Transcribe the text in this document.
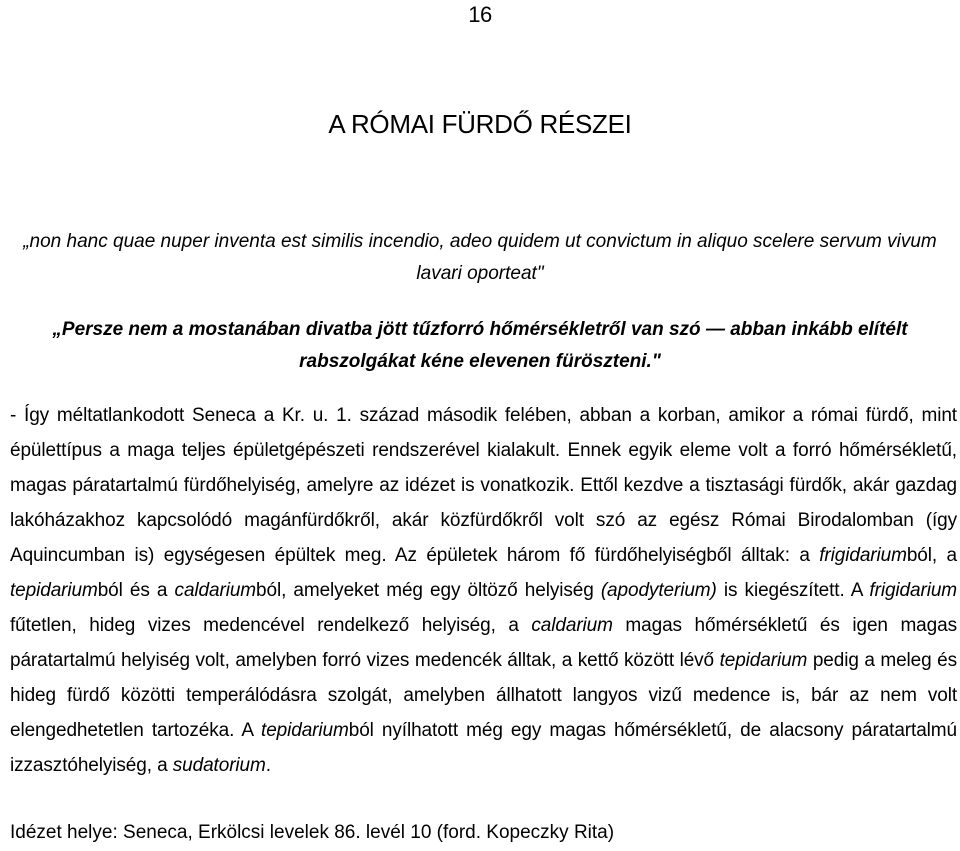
16
A RÓMAI FÜRDŐ RÉSZEI

„non hanc quae nuper inventa est similis incendio, adeo quidem ut convictum in aliquo scelere servum vivum lavari oporteat"

„Persze nem a mostanában divatba jött tűzforró hőmérsékletről van szó — abban inkább elítélt rabszolgákat kéne elevenen füröszteni."

- Így méltatlankodott Seneca a Kr. u. 1. század második felében, abban a korban, amikor a római fürdő, mint épülettípus a maga teljes épületgépészeti rendszerével kialakult. Ennek egyik eleme volt a forró hőmérsékletű, magas páratartalmú fürdőhelyiség, amelyre az idézet is vonatkozik. Ettől kezdve a tisztasági fürdők, akár gazdag lakóházakhoz kapcsolódó magánfürdőkről, akár közfürdőkről volt szó az egész Római Birodalomban (így Aquincumban is) egységesen épültek meg. Az épületek három fő fürdőhelyiségből álltak: a frigidariumból, a tepidariumból és a caldariumból, amelyeket még egy öltöző helyiség (apodyterium) is kiegészített. A frigidarium fűtetlen, hideg vizes medencével rendelkező helyiség, a caldarium magas hőmérsékletű és igen magas páratartalmú helyiség volt, amelyben forró vizes medencék álltak, a kettő között lévő tepidarium pedig a meleg és hideg fürdő közötti temperálódásra szolgát, amelyben állhatott langyos vizű medence is, bár az nem volt elengedhetetlen tartozéka. A tepidariumból nyílhatott még egy magas hőmérsékletű, de alacsony páratartalmú izzasztóhelyiség, a sudatorium.

Idézet helye: Seneca, Erkölcsi levelek 86. levél 10 (ford. Kopeczky Rita)
